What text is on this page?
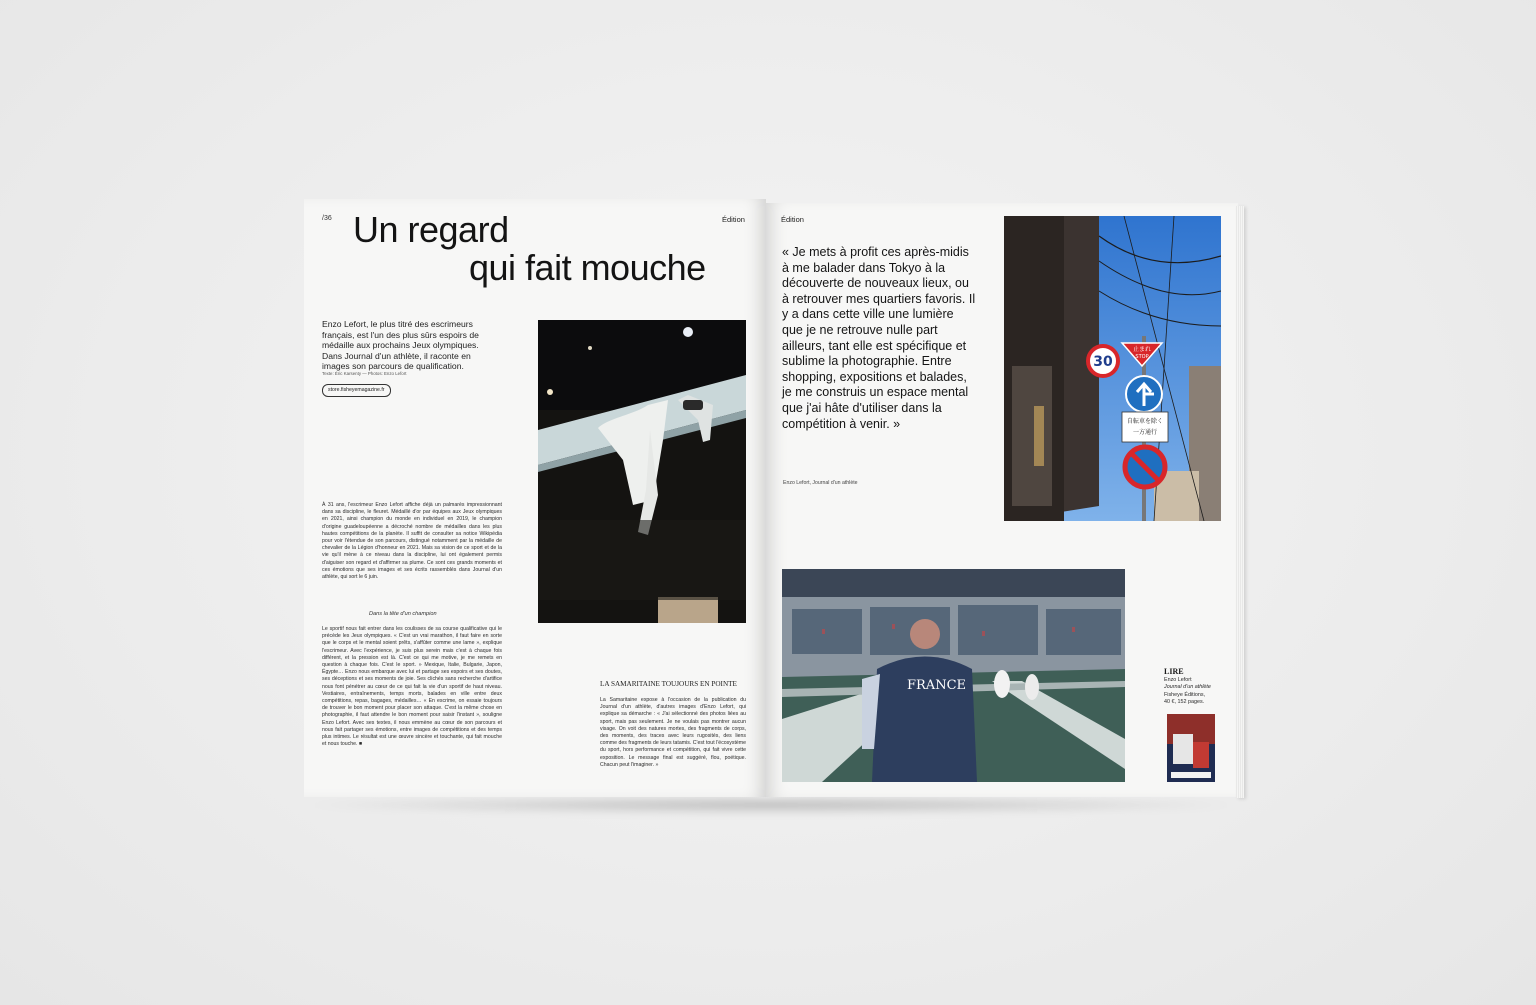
/36	Édition
Un regard
qui fait mouche
Enzo Lefort, le plus titré des escrimeurs français, est l'un des plus sûrs espoirs de médaille aux prochains Jeux olympiques. Dans Journal d'un athlète, il raconte en images son parcours de qualification.
Texte: Éric Karsenty — Photos: Enzo Lefort
store.fisheyemagazine.fr
À 31 ans, l'escrimeur Enzo Lefort affiche déjà un palmarès impressionnant dans sa discipline, le fleuret. Médaillé d'or par équipes aux Jeux olympiques en 2021, ainsi champion du monde en individuel en 2019, le champion d'origine guadeloupéenne a décroché nombre de médailles dans les plus hautes compétitions de la planète. Il suffit de consulter sa notice Wikipédia pour voir l'étendue de son parcours, distingué notamment par la médaille de chevalier de la Légion d'honneur en 2021. Mais sa vision de ce sport et de la vie qu'il mène à ce niveau dans la discipline, lui ont également permis d'aiguiser son regard et d'affirmer sa plume. Ce sont ces grands moments et ces émotions que ses images et ses écrits rassemblés dans Journal d'un athlète, qui sort le 6 juin.
Dans la tête d'un champion
Le sportif nous fait entrer dans les coulisses de sa course qualificative qui le précède les Jeux olympiques. « C'est un vrai marathon, il faut faire en sorte que le corps et le mental soient prêts, s'affûter comme une lame », explique l'escrimeur. Avec l'expérience, je suis plus serein mais c'est à chaque fois différent, et la pression est là. C'est ce qui me motive, je me remets en question à chaque fois. C'est le sport. » Mexique, Italie, Bulgarie, Japon, Égypte… Enzo nous embarque avec lui et partage ses espoirs et ses doutes, ses déceptions et ses moments de joie. Ses clichés sans recherche d'artifice nous font pénétrer au cœur de ce qui fait la vie d'un sportif de haut niveau. Vestiaires, entraînements, temps morts, balades en ville entre deux compétitions, repas, bagages, médailles… « En escrime, on essaie toujours de trouver le bon moment pour placer son attaque. C'est la même chose en photographie, il faut attendre le bon moment pour saisir l'instant », souligne Enzo Lefort. Avec ses textes, il nous emmène au cœur de son parcours et nous fait partager ses émotions, entre images de compétitions et des temps plus intimes. Le résultat est une œuvre sincère et touchante, qui fait mouche et nous touche. ■
LA SAMARITAINE TOUJOURS EN POINTE
La Samaritaine expose à l'occasion de la publication du Journal d'un athlète, d'autres images d'Enzo Lefort, qui explique sa démarche : « J'ai sélectionné des photos liées au sport, mais pas seulement. Je ne voulais pas montrer aucun visage. On voit des natures mortes, des fragments de corps, des moments, des traces avec leurs rugosités, des liens comme des fragments de leurs tatamis. C'est tout l'écosystème du sport, hors performance et compétition, qui fait vivre cette exposition. Le message final est suggéré, flou, poétique. Chacun peut l'imaginer. »
Édition
« Je mets à profit ces après-midis à me balader dans Tokyo à la découverte de nouveaux lieux, ou à retrouver mes quartiers favoris. Il y a dans cette ville une lumière que je ne retrouve nulle part ailleurs, tant elle est spécifique et sublime la photographie. Entre shopping, expositions et balades, je me construis un espace mental que j'ai hâte d'utiliser dans la compétition à venir. »
Enzo Lefort, Journal d'un athlète
止まれ
STOP
30
自転車を除く
一方通行
FRANCE
LIRE
Enzo Lefort
Journal d'un athlète
Fisheye Éditions,
40 €, 152 pages.
